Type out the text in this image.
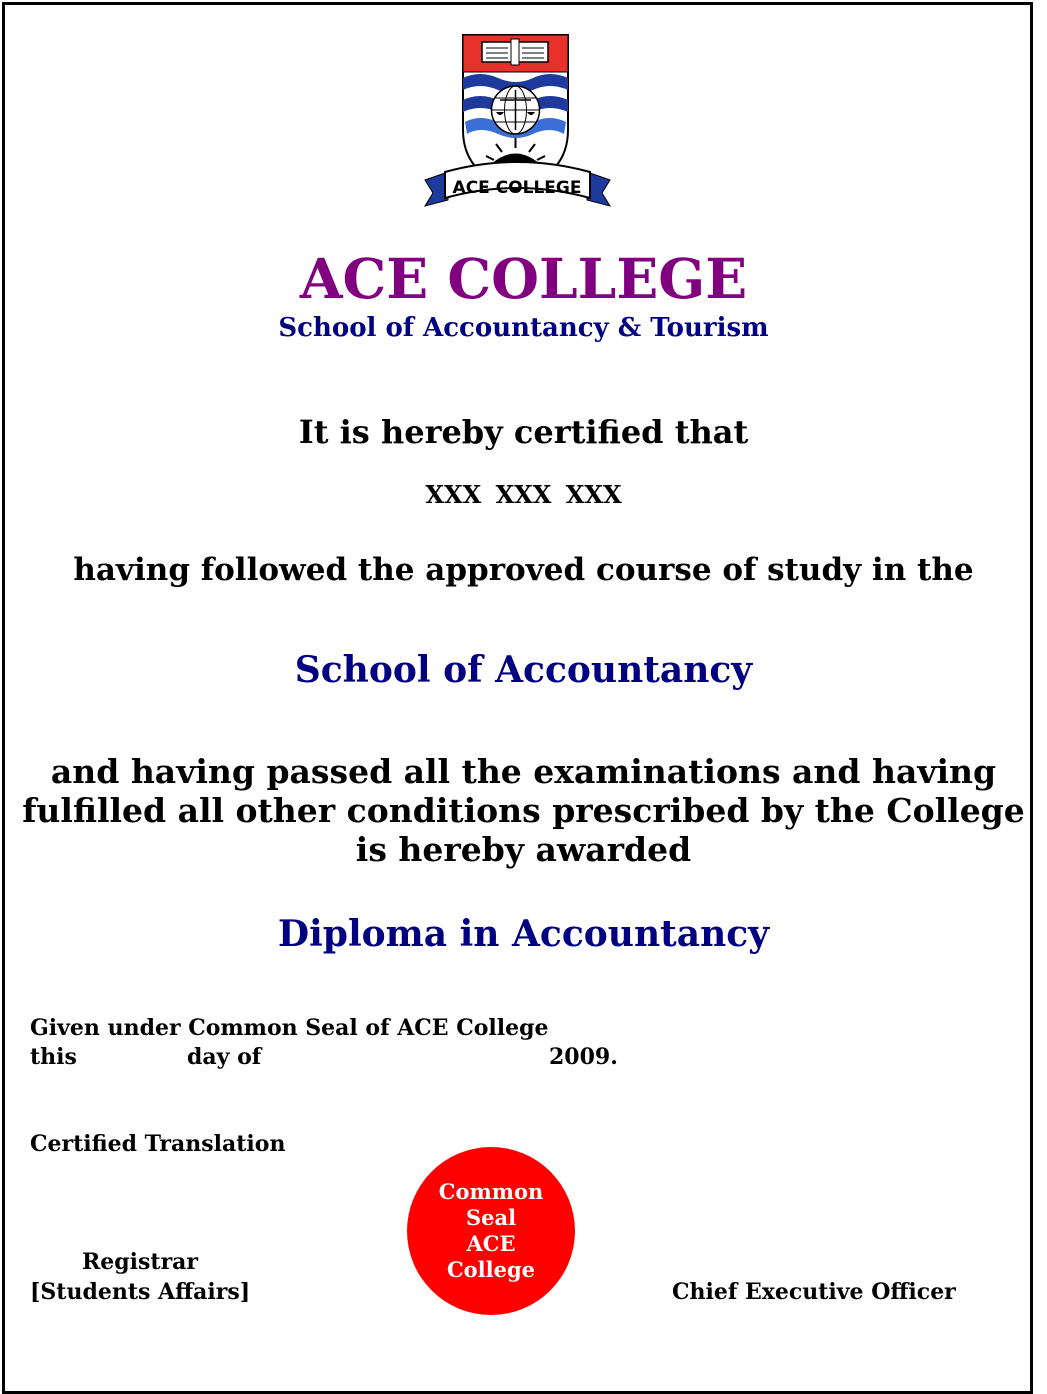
ACE COLLEGE
ACE COLLEGE
School of Accountancy & Tourism
It is hereby certified that
XXX XXX XXX
having followed the approved course of study in the
School of Accountancy
and having passed all the examinations and having fulfilled all other conditions prescribed by the College is hereby awarded
Diploma in Accountancy
Given under Common Seal of ACE College
this	day of	2009.
Certified Translation
Common
Seal
ACE
College
Registrar
[Students Affairs]	Chief Executive Officer
